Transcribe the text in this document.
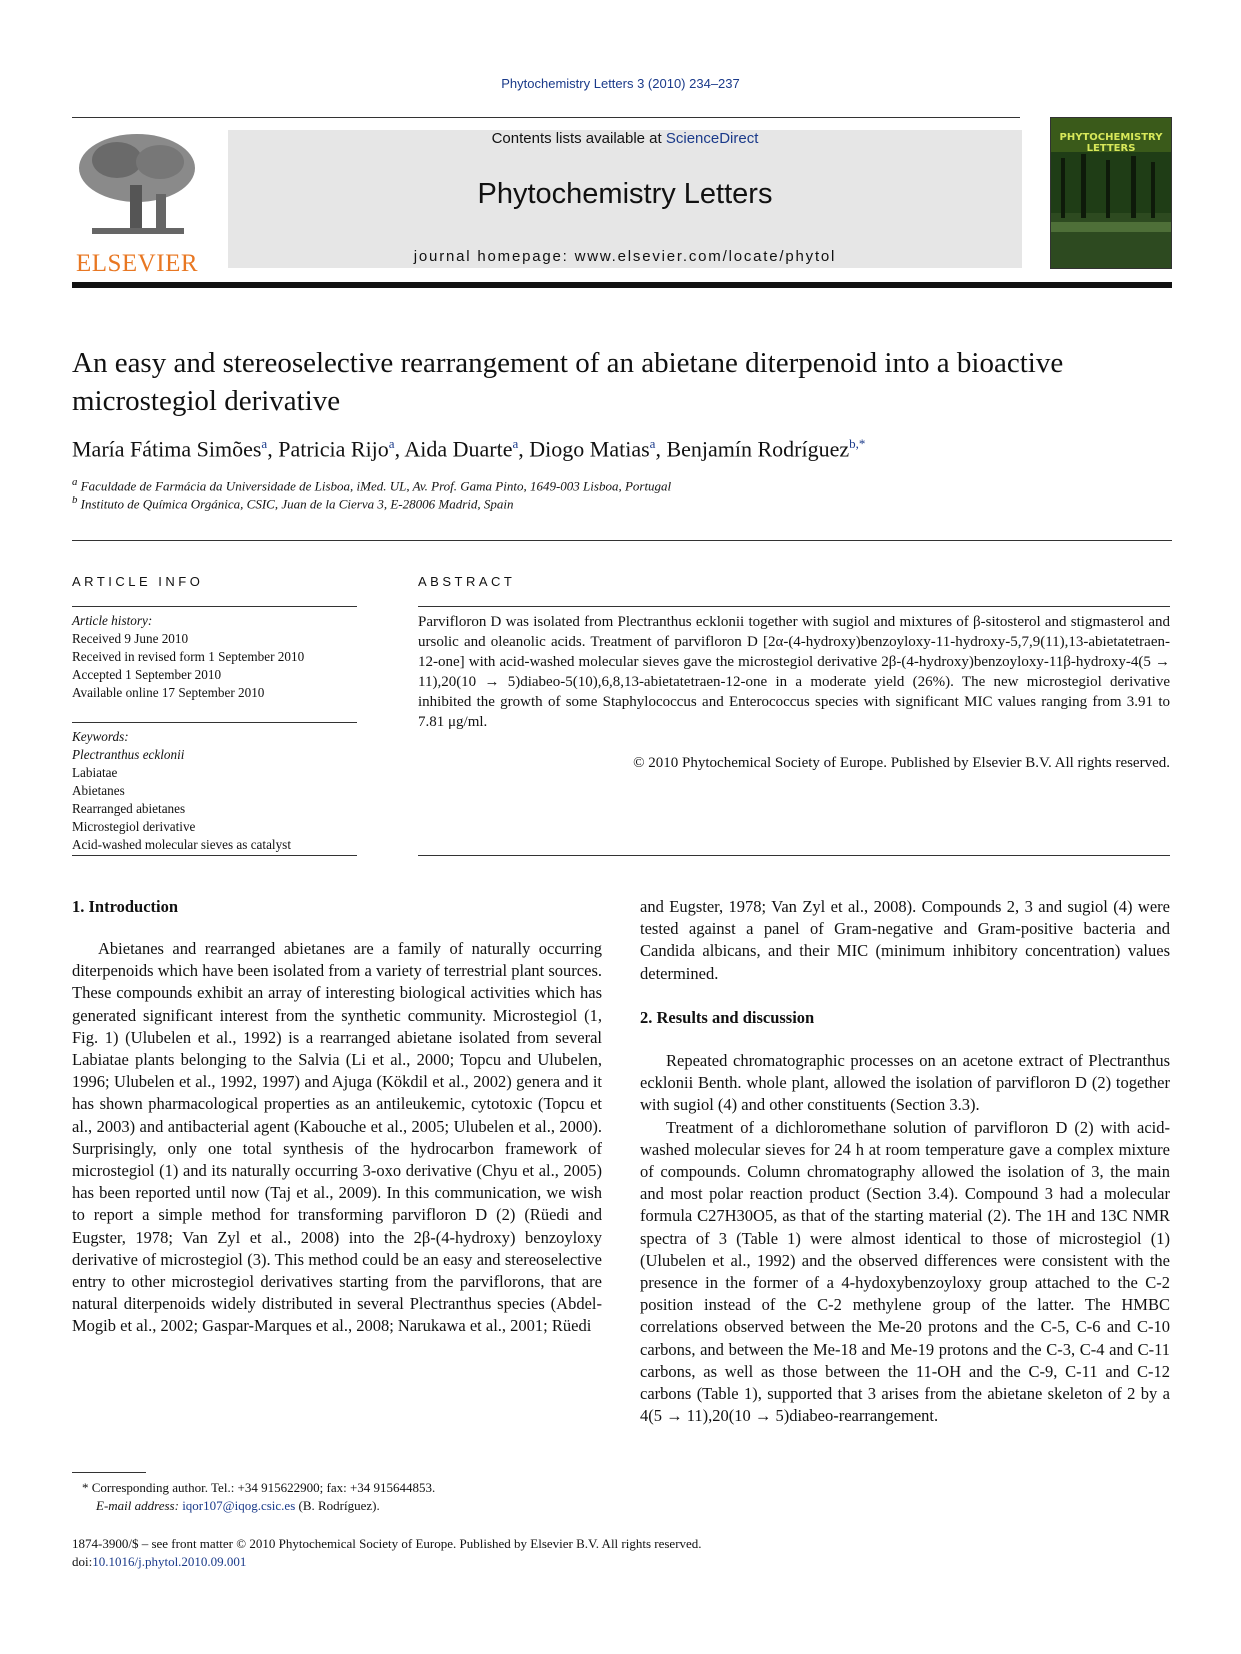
Phytochemistry Letters 3 (2010) 234–237
ELSEVIER
Contents lists available at ScienceDirect
Phytochemistry Letters
journal homepage: www.elsevier.com/locate/phytol
PHYTOCHEMISTRY LETTERS
An easy and stereoselective rearrangement of an abietane diterpenoid into a bioactive microstegiol derivative
María Fátima Simões$^a$, Patricia Rijo$^a$, Aida Duarte$^a$, Diogo Matias$^a$, Benjamín Rodríguez$^{b,*}$
$^a$ Faculdade de Farmácia da Universidade de Lisboa, iMed. UL, Av. Prof. Gama Pinto, 1649-003 Lisboa, Portugal
$^b$ Instituto de Química Orgánica, CSIC, Juan de la Cierva 3, E-28006 Madrid, Spain
ARTICLE INFO
Article history:
Received 9 June 2010
Received in revised form 1 September 2010
Accepted 1 September 2010
Available online 17 September 2010
Keywords:
Plectranthus ecklonii
Labiatae
Abietanes
Rearranged abietanes
Microstegiol derivative
Acid-washed molecular sieves as catalyst
ABSTRACT
Parvifloron D was isolated from Plectranthus ecklonii together with sugiol and mixtures of β-sitosterol and stigmasterol and ursolic and oleanolic acids. Treatment of parvifloron D [2α-(4-hydroxy)benzoyloxy-11-hydroxy-5,7,9(11),13-abietatetraen-12-one] with acid-washed molecular sieves gave the microstegiol derivative 2β-(4-hydroxy)benzoyloxy-11β-hydroxy-4(5 → 11),20(10 → 5)diabeo-5(10),6,8,13-abietatetraen-12-one in a moderate yield (26%). The new microstegiol derivative inhibited the growth of some Staphylococcus and Enterococcus species with significant MIC values ranging from 3.91 to 7.81 μg/ml.
© 2010 Phytochemical Society of Europe. Published by Elsevier B.V. All rights reserved.
1. Introduction

Abietanes and rearranged abietanes are a family of naturally occurring diterpenoids which have been isolated from a variety of terrestrial plant sources. These compounds exhibit an array of interesting biological activities which has generated significant interest from the synthetic community. Microstegiol (1, Fig. 1) (Ulubelen et al., 1992) is a rearranged abietane isolated from several Labiatae plants belonging to the Salvia (Li et al., 2000; Topcu and Ulubelen, 1996; Ulubelen et al., 1992, 1997) and Ajuga (Kökdil et al., 2002) genera and it has shown pharmacological properties as an antileukemic, cytotoxic (Topcu et al., 2003) and antibacterial agent (Kabouche et al., 2005; Ulubelen et al., 2000). Surprisingly, only one total synthesis of the hydrocarbon framework of microstegiol (1) and its naturally occurring 3-oxo derivative (Chyu et al., 2005) has been reported until now (Taj et al., 2009). In this communication, we wish to report a simple method for transforming parvifloron D (2) (Rüedi and Eugster, 1978; Van Zyl et al., 2008) into the 2β-(4-hydroxy) benzoyloxy derivative of microstegiol (3). This method could be an easy and stereoselective entry to other microstegiol derivatives starting from the parviflorons, that are natural diterpenoids widely distributed in several Plectranthus species (Abdel-Mogib et al., 2002; Gaspar-Marques et al., 2008; Narukawa et al., 2001; Rüedi

and Eugster, 1978; Van Zyl et al., 2008). Compounds 2, 3 and sugiol (4) were tested against a panel of Gram-negative and Gram-positive bacteria and Candida albicans, and their MIC (minimum inhibitory concentration) values determined.

2. Results and discussion

Repeated chromatographic processes on an acetone extract of Plectranthus ecklonii Benth. whole plant, allowed the isolation of parvifloron D (2) together with sugiol (4) and other constituents (Section 3.3).

Treatment of a dichloromethane solution of parvifloron D (2) with acid-washed molecular sieves for 24 h at room temperature gave a complex mixture of compounds. Column chromatography allowed the isolation of 3, the main and most polar reaction product (Section 3.4). Compound 3 had a molecular formula C27H30O5, as that of the starting material (2). The 1H and 13C NMR spectra of 3 (Table 1) were almost identical to those of microstegiol (1) (Ulubelen et al., 1992) and the observed differences were consistent with the presence in the former of a 4-hydoxybenzoyloxy group attached to the C-2 position instead of the C-2 methylene group of the latter. The HMBC correlations observed between the Me-20 protons and the C-5, C-6 and C-10 carbons, and between the Me-18 and Me-19 protons and the C-3, C-4 and C-11 carbons, as well as those between the 11-OH and the C-9, C-11 and C-12 carbons (Table 1), supported that 3 arises from the abietane skeleton of 2 by a 4(5 → 11),20(10 → 5)diabeo-rearrangement.

* Corresponding author. Tel.: +34 915622900; fax: +34 915644853.
E-mail address: iqor107@iqog.csic.es (B. Rodríguez).
1874-3900/$ – see front matter © 2010 Phytochemical Society of Europe. Published by Elsevier B.V. All rights reserved.
doi:10.1016/j.phytol.2010.09.001
